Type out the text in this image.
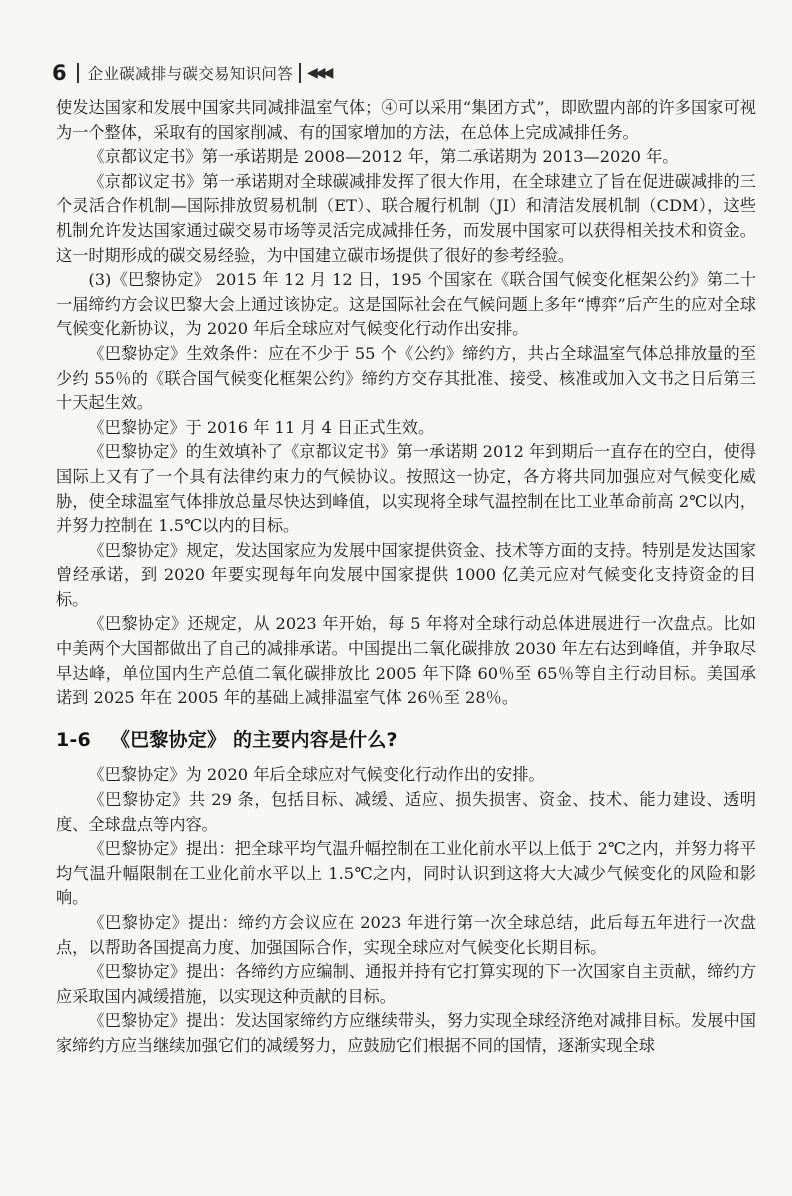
6 企业碳减排与碳交易知识问答 ◀◀◀

使发达国家和发展中国家共同减排温室气体；④可以采用“集团方式”，即欧盟内部的许多国家可视为一个整体，采取有的国家削减、有的国家增加的方法，在总体上完成减排任务。

《京都议定书》第一承诺期是 2008—2012 年，第二承诺期为 2013—2020 年。

《京都议定书》第一承诺期对全球碳减排发挥了很大作用，在全球建立了旨在促进碳减排的三个灵活合作机制—国际排放贸易机制（ET）、联合履行机制（JI）和清洁发展机制（CDM），这些机制允许发达国家通过碳交易市场等灵活完成减排任务，而发展中国家可以获得相关技术和资金。这一时期形成的碳交易经验，为中国建立碳市场提供了很好的参考经验。

(3)《巴黎协定》 2015 年 12 月 12 日，195 个国家在《联合国气候变化框架公约》第二十一届缔约方会议巴黎大会上通过该协定。这是国际社会在气候问题上多年“博弈”后产生的应对全球气候变化新协议，为 2020 年后全球应对气候变化行动作出安排。

《巴黎协定》生效条件：应在不少于 55 个《公约》缔约方，共占全球温室气体总排放量的至少约 55％的《联合国气候变化框架公约》缔约方交存其批准、接受、核准或加入文书之日后第三十天起生效。

《巴黎协定》于 2016 年 11 月 4 日正式生效。

《巴黎协定》的生效填补了《京都议定书》第一承诺期 2012 年到期后一直存在的空白，使得国际上又有了一个具有法律约束力的气候协议。按照这一协定，各方将共同加强应对气候变化威胁，使全球温室气体排放总量尽快达到峰值，以实现将全球气温控制在比工业革命前高 2℃以内，并努力控制在 1.5℃以内的目标。

《巴黎协定》规定，发达国家应为发展中国家提供资金、技术等方面的支持。特别是发达国家曾经承诺，到 2020 年要实现每年向发展中国家提供 1000 亿美元应对气候变化支持资金的目标。

《巴黎协定》还规定，从 2023 年开始，每 5 年将对全球行动总体进展进行一次盘点。比如中美两个大国都做出了自己的减排承诺。中国提出二氧化碳排放 2030 年左右达到峰值，并争取尽早达峰，单位国内生产总值二氧化碳排放比 2005 年下降 60％至 65％等自主行动目标。美国承诺到 2025 年在 2005 年的基础上减排温室气体 26％至 28％。

1-6 《巴黎协定》 的主要内容是什么?

《巴黎协定》为 2020 年后全球应对气候变化行动作出的安排。

《巴黎协定》共 29 条，包括目标、减缓、适应、损失损害、资金、技术、能力建设、透明度、全球盘点等内容。

《巴黎协定》提出：把全球平均气温升幅控制在工业化前水平以上低于 2℃之内，并努力将平均气温升幅限制在工业化前水平以上 1.5℃之内，同时认识到这将大大减少气候变化的风险和影响。

《巴黎协定》提出：缔约方会议应在 2023 年进行第一次全球总结，此后每五年进行一次盘点，以帮助各国提高力度、加强国际合作，实现全球应对气候变化长期目标。

《巴黎协定》提出：各缔约方应编制、通报并持有它打算实现的下一次国家自主贡献，缔约方应采取国内减缓措施，以实现这种贡献的目标。

《巴黎协定》提出：发达国家缔约方应继续带头，努力实现全球经济绝对减排目标。发展中国家缔约方应当继续加强它们的减缓努力，应鼓励它们根据不同的国情，逐渐实现全球
